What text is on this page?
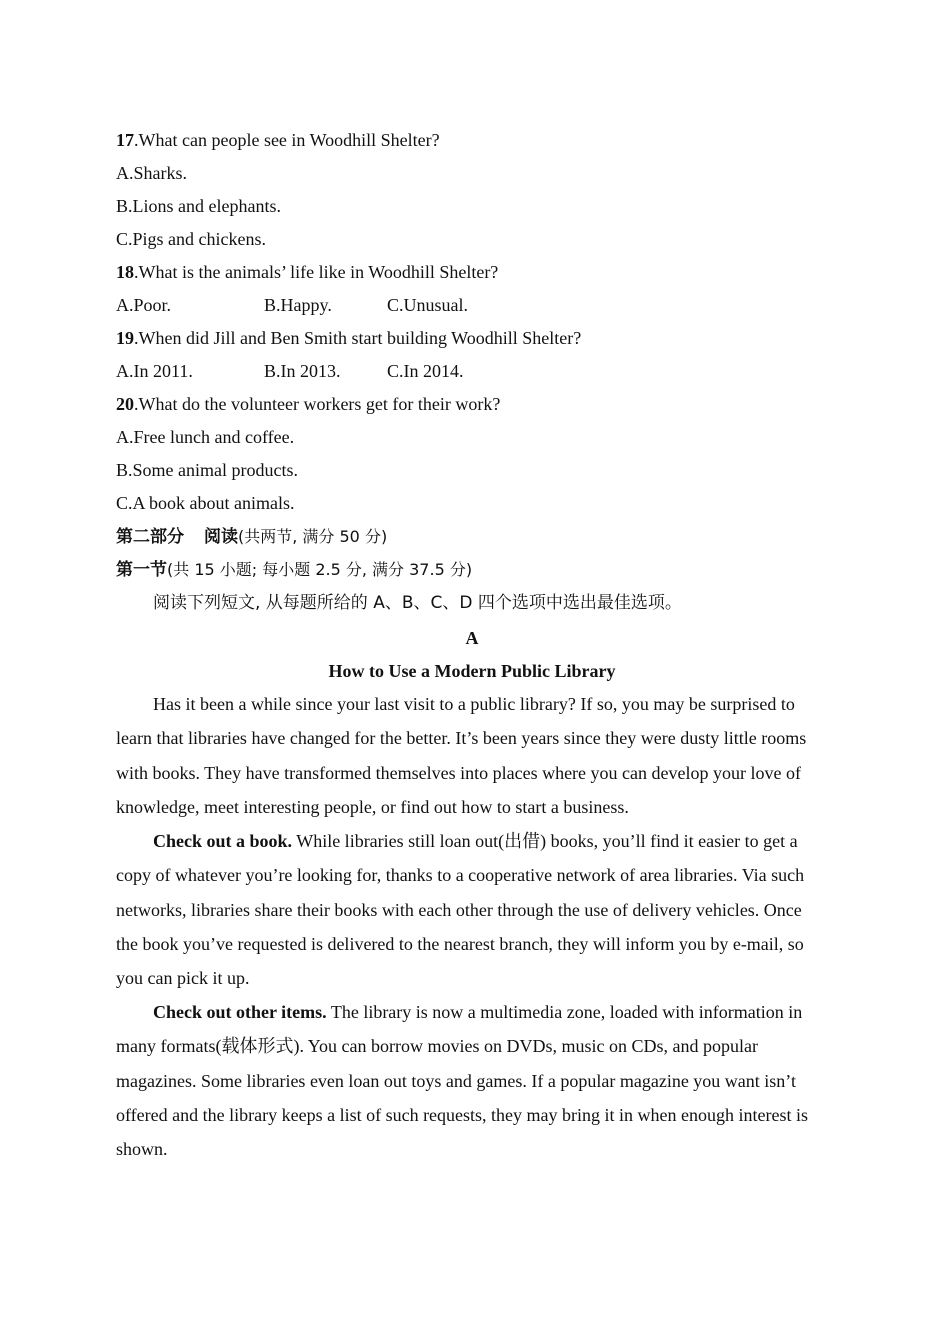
17.What can people see in Woodhill Shelter?
A.Sharks.
B.Lions and elephants.
C.Pigs and chickens.
18.What is the animals’ life like in Woodhill Shelter?
A.Poor.	B.Happy.	C.Unusual.
19.When did Jill and Ben Smith start building Woodhill Shelter?
A.In 2011.	B.In 2013.	C.In 2014.
20.What do the volunteer workers get for their work?
A.Free lunch and coffee.
B.Some animal products.
C.A book about animals.
第二部分 阅读(共两节, 满分 50 分)
第一节(共 15 小题; 每小题 2.5 分, 满分 37.5 分)
阅读下列短文, 从每题所给的 A、B、C、D 四个选项中选出最佳选项。
A
How to Use a Modern Public Library
Has it been a while since your last visit to a public library? If so, you may be surprised to learn that libraries have changed for the better. It’s been years since they were dusty little rooms with books. They have transformed themselves into places where you can develop your love of knowledge, meet interesting people, or find out how to start a business.
Check out a book. While libraries still loan out(出借) books, you’ll find it easier to get a copy of whatever you’re looking for, thanks to a cooperative network of area libraries. Via such networks, libraries share their books with each other through the use of delivery vehicles. Once the book you’ve requested is delivered to the nearest branch, they will inform you by e-mail, so you can pick it up.
Check out other items. The library is now a multimedia zone, loaded with information in many formats(载体形式). You can borrow movies on DVDs, music on CDs, and popular magazines. Some libraries even loan out toys and games. If a popular magazine you want isn’t offered and the library keeps a list of such requests, they may bring it in when enough interest is shown.
